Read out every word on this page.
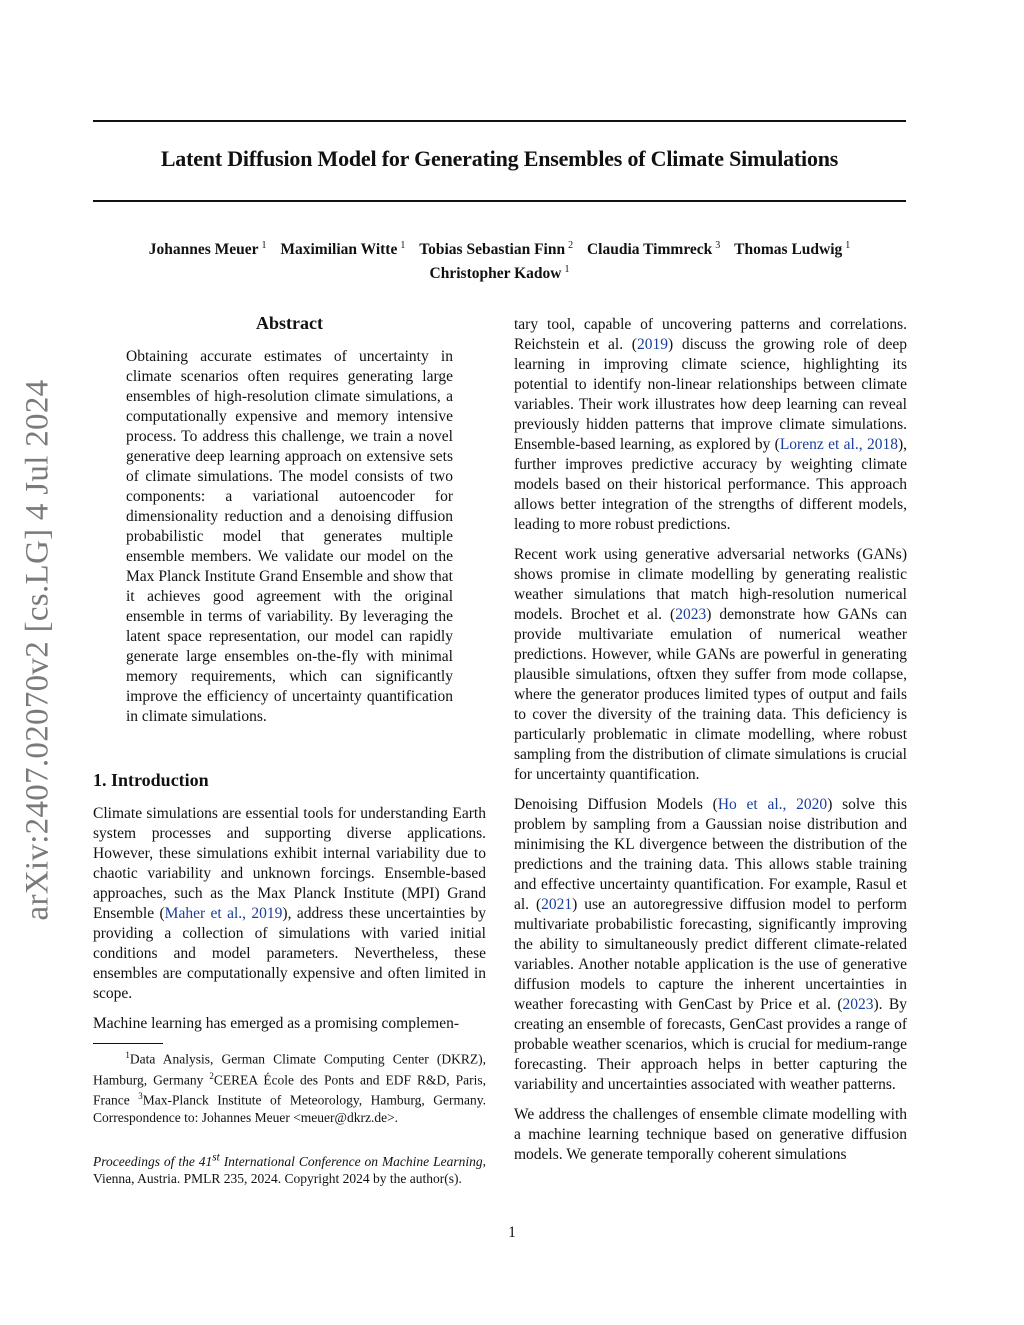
arXiv:2407.02070v2 [cs.LG] 4 Jul 2024
Latent Diffusion Model for Generating Ensembles of Climate Simulations
Johannes Meuer $^1$ Maximilian Witte $^1$ Tobias Sebastian Finn $^2$ Claudia Timmreck $^3$ Thomas Ludwig $^1$
Christopher Kadow $^1$
Abstract
Obtaining accurate estimates of uncertainty in climate scenarios often requires generating large ensembles of high-resolution climate simulations, a computationally expensive and memory intensive process. To address this challenge, we train a novel generative deep learning approach on extensive sets of climate simulations. The model consists of two components: a variational autoencoder for dimensionality reduction and a denoising diffusion probabilistic model that generates multiple ensemble members. We validate our model on the Max Planck Institute Grand Ensemble and show that it achieves good agreement with the original ensemble in terms of variability. By leveraging the latent space representation, our model can rapidly generate large ensembles on-the-fly with minimal memory requirements, which can significantly improve the efficiency of uncertainty quantification in climate simulations.
1. Introduction

Climate simulations are essential tools for understanding Earth system processes and supporting diverse applications. However, these simulations exhibit internal variability due to chaotic variability and unknown forcings. Ensemble-based approaches, such as the Max Planck Institute (MPI) Grand Ensemble (Maher et al., 2019), address these uncertainties by providing a collection of simulations with varied initial conditions and model parameters. Nevertheless, these ensembles are computationally expensive and often limited in scope.

Machine learning has emerged as a promising complemen-

$^1$Data Analysis, German Climate Computing Center (DKRZ), Hamburg, Germany $^2$CEREA École des Ponts and EDF R&D, Paris, France $^3$Max-Planck Institute of Meteorology, Hamburg, Germany. Correspondence to: Johannes Meuer <meuer@dkrz.de>.
Proceedings of the 41st International Conference on Machine Learning, Vienna, Austria. PMLR 235, 2024. Copyright 2024 by the author(s).

tary tool, capable of uncovering patterns and correlations. Reichstein et al. (2019) discuss the growing role of deep learning in improving climate science, highlighting its potential to identify non-linear relationships between climate variables. Their work illustrates how deep learning can reveal previously hidden patterns that improve climate simulations. Ensemble-based learning, as explored by (Lorenz et al., 2018), further improves predictive accuracy by weighting climate models based on their historical performance. This approach allows better integration of the strengths of different models, leading to more robust predictions.

Recent work using generative adversarial networks (GANs) shows promise in climate modelling by generating realistic weather simulations that match high-resolution numerical models. Brochet et al. (2023) demonstrate how GANs can provide multivariate emulation of numerical weather predictions. However, while GANs are powerful in generating plausible simulations, oftхen they suffer from mode collapse, where the generator produces limited types of output and fails to cover the diversity of the training data. This deficiency is particularly problematic in climate modelling, where robust sampling from the distribution of climate simulations is crucial for uncertainty quantification.

Denoising Diffusion Models (Ho et al., 2020) solve this problem by sampling from a Gaussian noise distribution and minimising the KL divergence between the distribution of the predictions and the training data. This allows stable training and effective uncertainty quantification. For example, Rasul et al. (2021) use an autoregressive diffusion model to perform multivariate probabilistic forecasting, significantly improving the ability to simultaneously predict different climate-related variables. Another notable application is the use of generative diffusion models to capture the inherent uncertainties in weather forecasting with GenCast by Price et al. (2023). By creating an ensemble of forecasts, GenCast provides a range of probable weather scenarios, which is crucial for medium-range forecasting. Their approach helps in better capturing the variability and uncertainties associated with weather patterns.

We address the challenges of ensemble climate modelling with a machine learning technique based on generative diffusion models. We generate temporally coherent simulations

1
